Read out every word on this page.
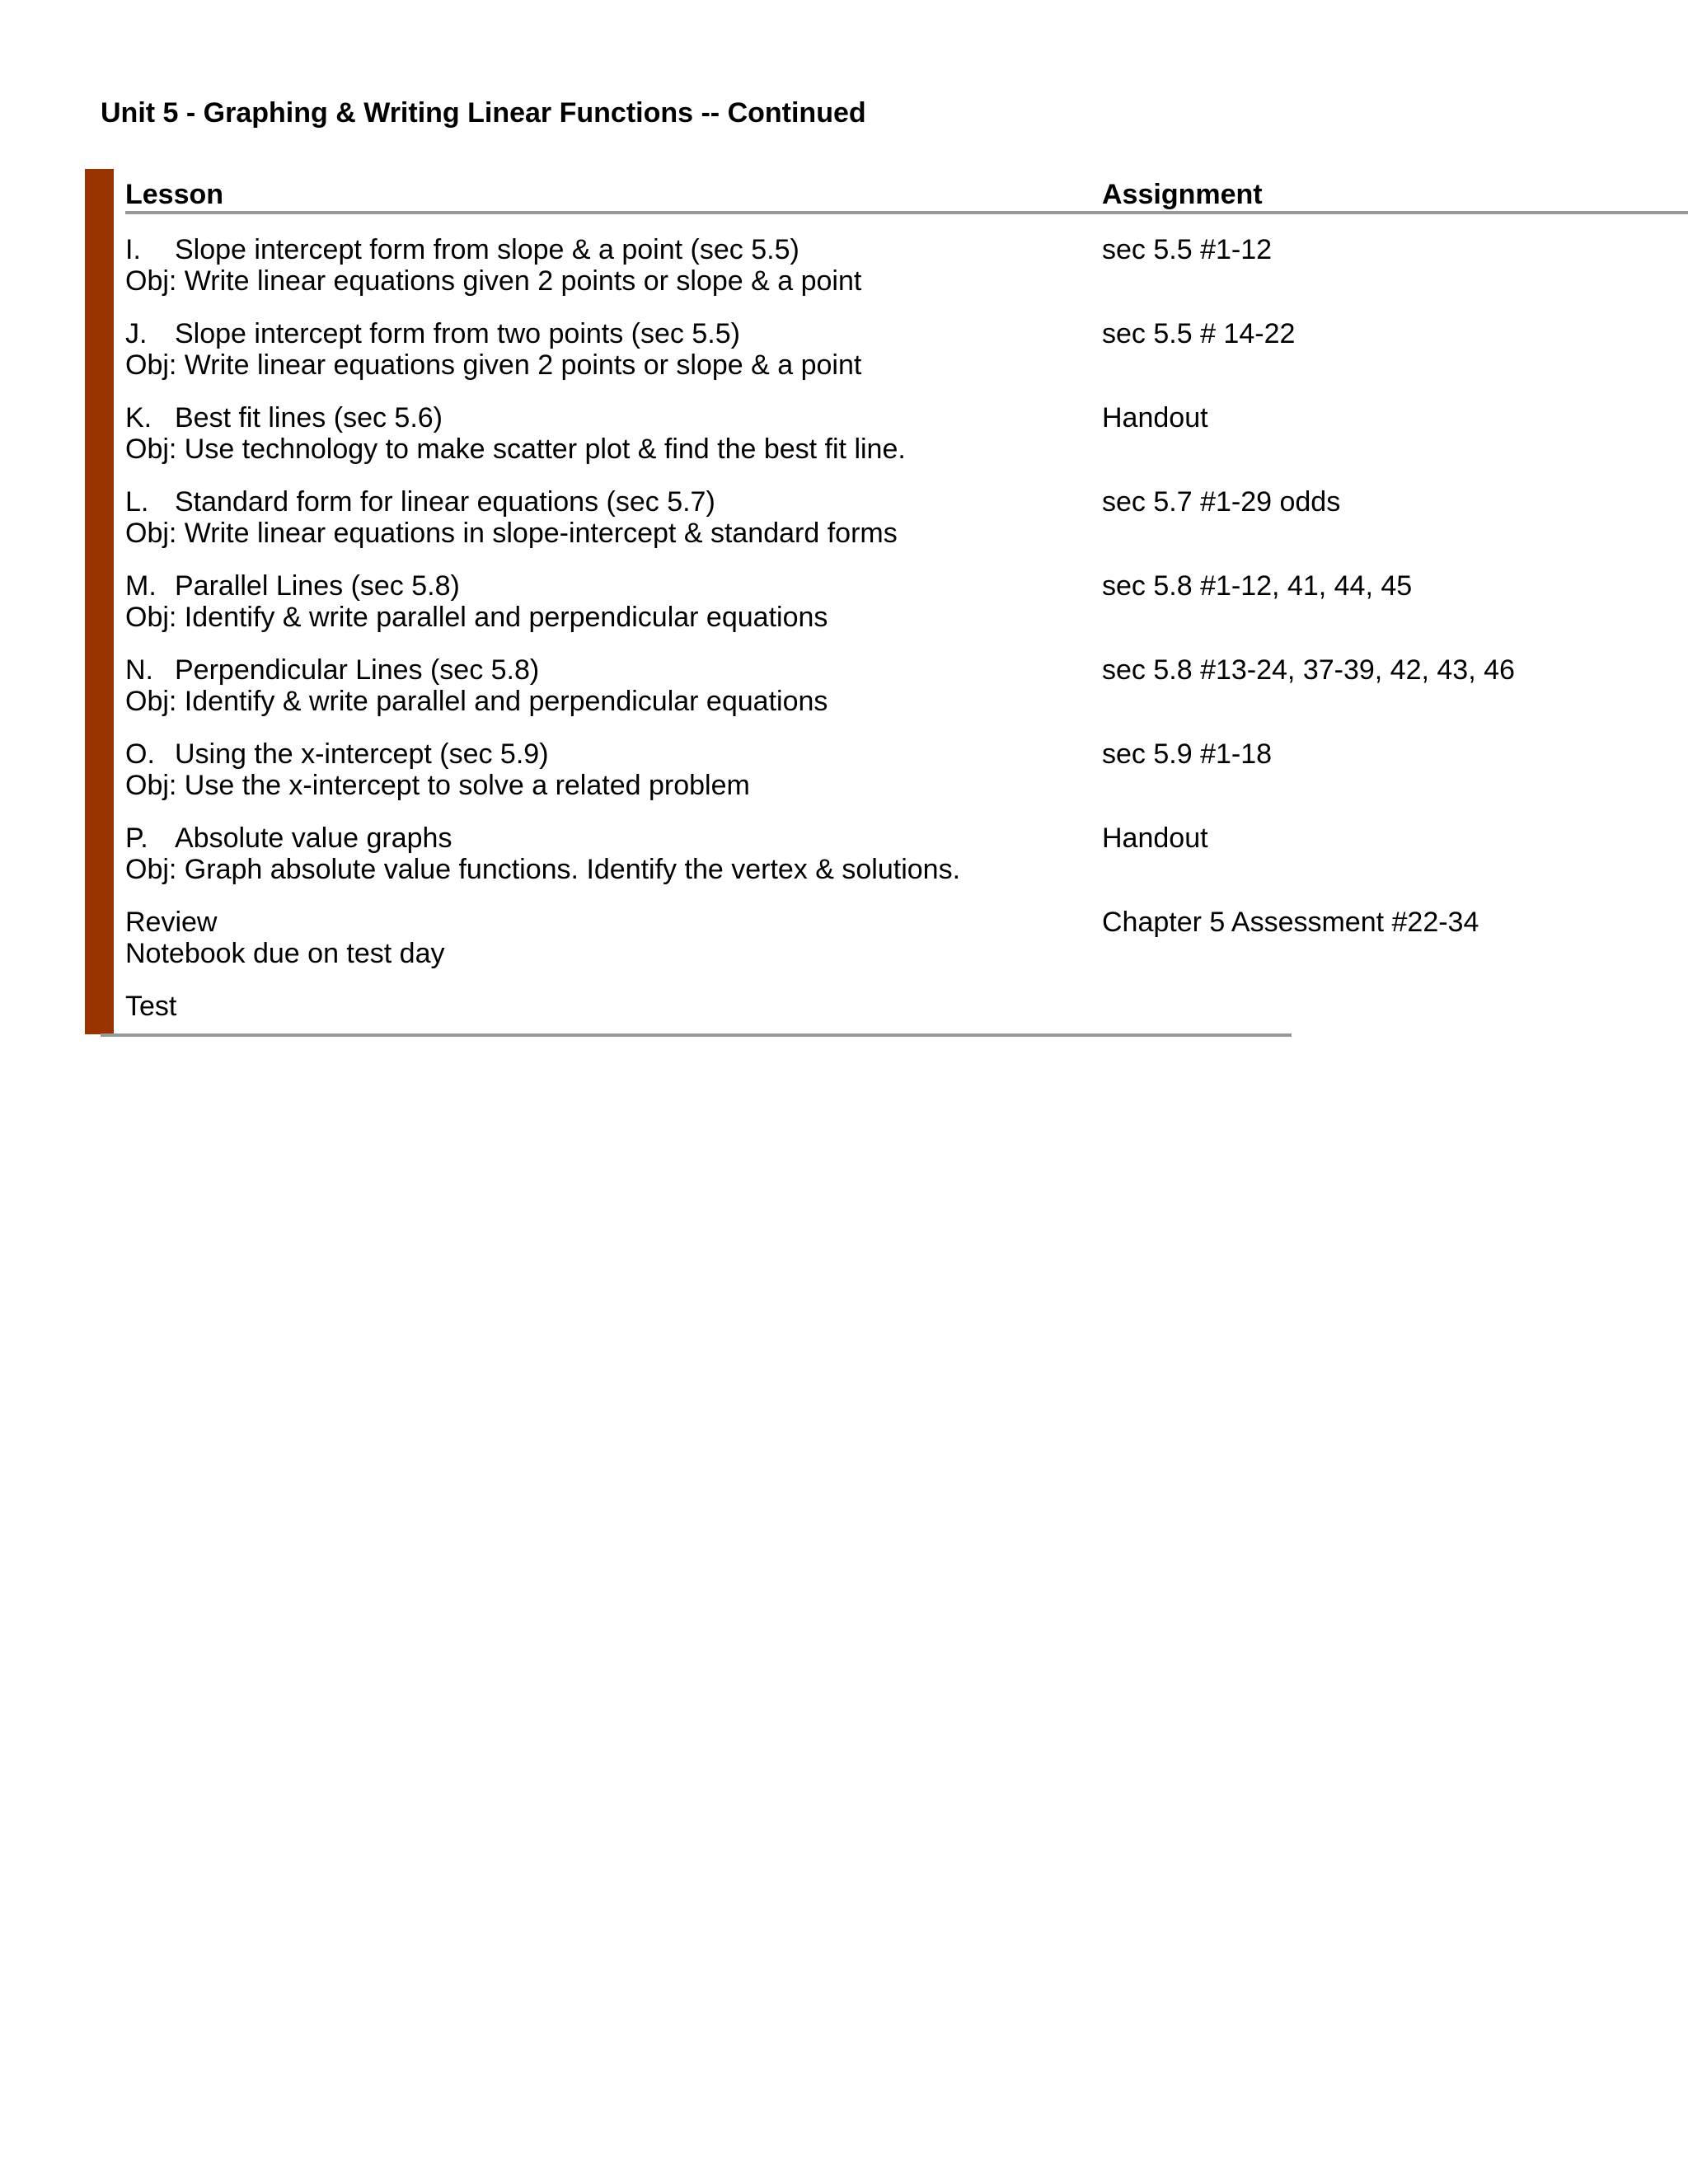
Unit 5 - Graphing & Writing Linear Functions -- Continued
Lesson	Assignment
I.	Slope intercept form from slope & a point (sec 5.5)
Obj: Write linear equations given 2 points or slope & a point
sec 5.5 #1-12
J. Slope intercept form from two points (sec 5.5)
Obj: Write linear equations given 2 points or slope & a point
sec 5.5 # 14-22
K. Best fit lines (sec 5.6)
Obj: Use technology to make scatter plot & find the best fit line.
Handout
L. Standard form for linear equations (sec 5.7)
Obj: Write linear equations in slope-intercept & standard forms
sec 5.7 #1-29 odds
M. Parallel Lines (sec 5.8)
Obj: Identify & write parallel and perpendicular equations
sec 5.8 #1-12, 41, 44, 45
N. Perpendicular Lines (sec 5.8)
Obj: Identify & write parallel and perpendicular equations
sec 5.8 #13-24, 37-39, 42, 43, 46
O. Using the x-intercept (sec 5.9)
Obj: Use the x-intercept to solve a related problem
sec 5.9 #1-18
P. Absolute value graphs
Obj: Graph absolute value functions. Identify the vertex & solutions.
Handout
Review
Notebook due on test day
Chapter 5 Assessment #22-34
Test
